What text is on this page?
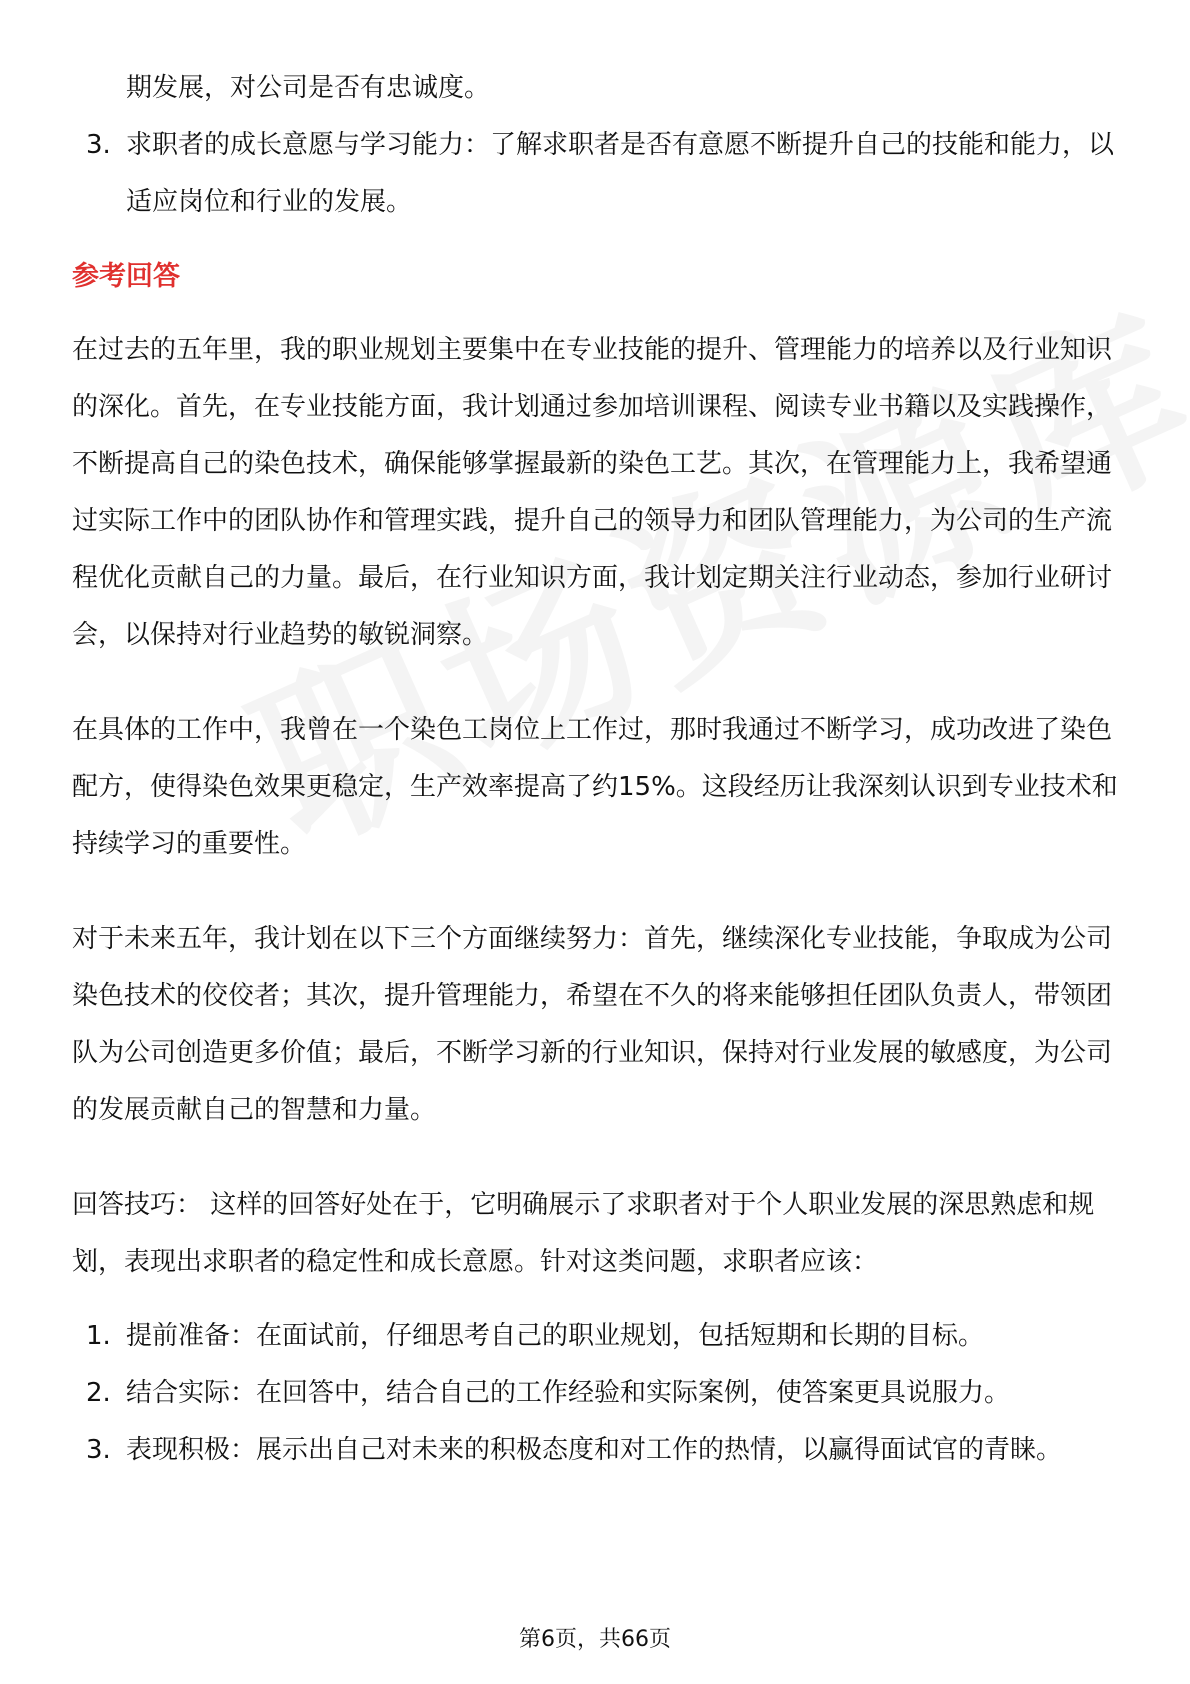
期发展，对公司是否有忠诚度。
3. 求职者的成长意愿与学习能力：了解求职者是否有意愿不断提升自己的技能和能力，以适应岗位和行业的发展。
参考回答

在过去的五年里，我的职业规划主要集中在专业技能的提升、管理能力的培养以及行业知识的深化。首先，在专业技能方面，我计划通过参加培训课程、阅读专业书籍以及实践操作，不断提高自己的染色技术，确保能够掌握最新的染色工艺。其次，在管理能力上，我希望通过实际工作中的团队协作和管理实践，提升自己的领导力和团队管理能力，为公司的生产流程优化贡献自己的力量。最后，在行业知识方面，我计划定期关注行业动态，参加行业研讨会，以保持对行业趋势的敏锐洞察。

在具体的工作中，我曾在一个染色工岗位上工作过，那时我通过不断学习，成功改进了染色配方，使得染色效果更稳定，生产效率提高了约15%。这段经历让我深刻认识到专业技术和持续学习的重要性。

对于未来五年，我计划在以下三个方面继续努力：首先，继续深化专业技能，争取成为公司染色技术的佼佼者；其次，提升管理能力，希望在不久的将来能够担任团队负责人，带领团队为公司创造更多价值；最后，不断学习新的行业知识，保持对行业发展的敏感度，为公司的发展贡献自己的智慧和力量。

回答技巧： 这样的回答好处在于，它明确展示了求职者对于个人职业发展的深思熟虑和规划，表现出求职者的稳定性和成长意愿。针对这类问题，求职者应该：

1. 提前准备：在面试前，仔细思考自己的职业规划，包括短期和长期的目标。
2. 结合实际：在回答中，结合自己的工作经验和实际案例，使答案更具说服力。
3. 表现积极：展示出自己对未来的积极态度和对工作的热情，以赢得面试官的青睐。
第6页，共66页
